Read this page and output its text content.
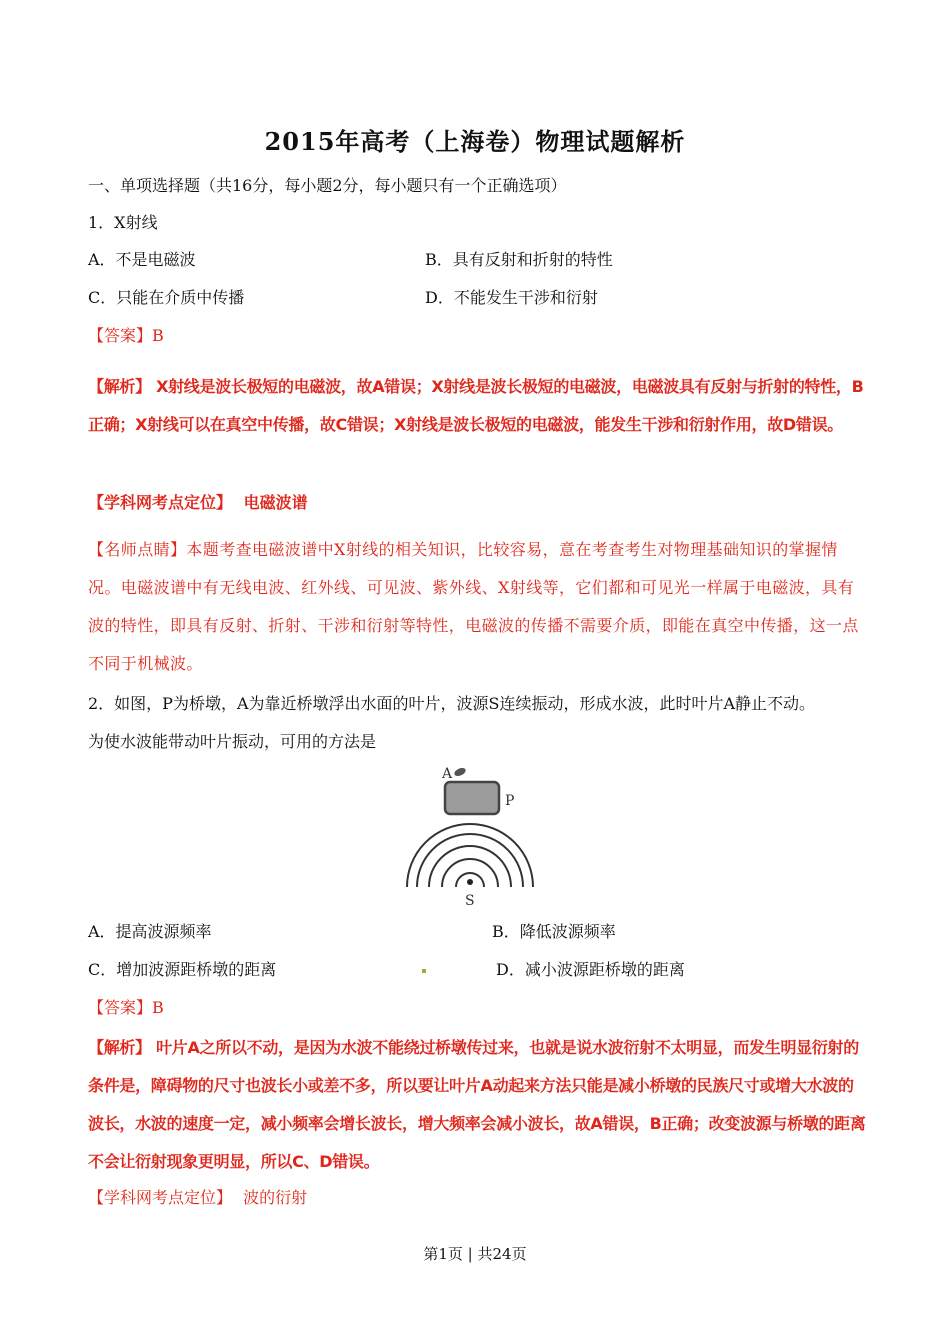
2015年高考（上海卷）物理试题解析
一、单项选择题（共16分，每小题2分，每小题只有一个正确选项）
1．X射线
A．不是电磁波	B．具有反射和折射的特性
C．只能在介质中传播	D．不能发生干涉和衍射
【答案】B
【解析】 X射线是波长极短的电磁波，故A错误；X射线是波长极短的电磁波，电磁波具有反射与折射的特性，B正确；X射线可以在真空中传播，故C错误；X射线是波长极短的电磁波，能发生干涉和衍射作用，故D错误。
【学科网考点定位】 电磁波谱
【名师点睛】本题考查电磁波谱中X射线的相关知识，比较容易，意在考查考生对物理基础知识的掌握情况。电磁波谱中有无线电波、红外线、可见波、紫外线、X射线等，它们都和可见光一样属于电磁波，具有波的特性，即具有反射、折射、干涉和衍射等特性，电磁波的传播不需要介质，即能在真空中传播，这一点不同于机械波。
2．如图，P为桥墩，A为靠近桥墩浮出水面的叶片，波源S连续振动，形成水波，此时叶片A静止不动。
为使水波能带动叶片振动，可用的方法是
A
P
S
A．提高波源频率	B．降低波源频率
C．增加波源距桥墩的距离	D．减小波源距桥墩的距离
【答案】B
【解析】 叶片A之所以不动，是因为水波不能绕过桥墩传过来，也就是说水波衍射不太明显，而发生明显衍射的条件是，障碍物的尺寸也波长小或差不多，所以要让叶片A动起来方法只能是减小桥墩的民族尺寸或增大水波的波长，水波的速度一定，减小频率会增长波长，增大频率会减小波长，故A错误，B正确；改变波源与桥墩的距离不会让衍射现象更明显，所以C、D错误。
【学科网考点定位】 波的衍射
第1页 | 共24页
